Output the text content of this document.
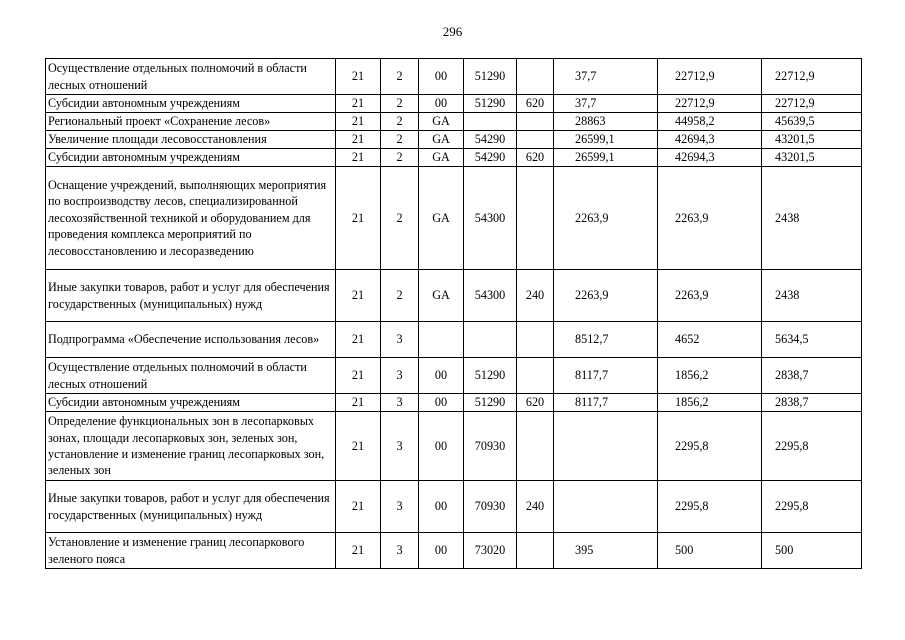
296
Осуществление отдельных полномочий в области лесных отношений	21	2	00	51290		37,7	22712,9	22712,9
Субсидии автономным учреждениям	21	2	00	51290	620	37,7	22712,9	22712,9
Региональный проект «Сохранение лесов»	21	2	GA			28863	44958,2	45639,5
Увеличение площади лесовосстановления	21	2	GA	54290		26599,1	42694,3	43201,5
Субсидии автономным учреждениям	21	2	GA	54290	620	26599,1	42694,3	43201,5
Оснащение учреждений, выполняющих мероприятия по воспроизводству лесов, специализированной лесохозяйственной техникой и оборудованием для проведения комплекса мероприятий по лесовосстановлению и лесоразведению	21	2	GA	54300		2263,9	2263,9	2438
Иные закупки товаров, работ и услуг для обеспечения государственных (муниципальных) нужд	21	2	GA	54300	240	2263,9	2263,9	2438
Подпрограмма «Обеспечение использования лесов»	21	3				8512,7	4652	5634,5
Осуществление отдельных полномочий в области лесных отношений	21	3	00	51290		8117,7	1856,2	2838,7
Субсидии автономным учреждениям	21	3	00	51290	620	8117,7	1856,2	2838,7
Определение функциональных зон в лесопарковых зонах, площади лесопарковых зон, зеленых зон, установление и изменение границ лесопарковых зон, зеленых зон	21	3	00	70930			2295,8	2295,8
Иные закупки товаров, работ и услуг для обеспечения государственных (муниципальных) нужд	21	3	00	70930	240		2295,8	2295,8
Установление и изменение границ лесопаркового зеленого пояса	21	3	00	73020		395	500	500
